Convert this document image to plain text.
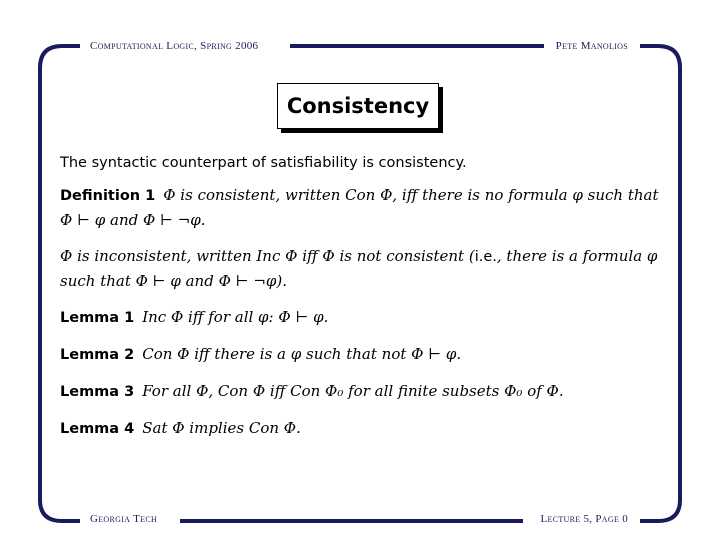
Computational Logic, Spring 2006	Pete Manolios
Georgia Tech	Lecture 5, Page 0
Consistency

The syntactic counterpart of satisfiability is consistency.

Definition 1 Φ is consistent, written Con Φ, iff there is no formula φ such that Φ ⊢ φ and Φ ⊢ ¬φ.

Φ is inconsistent, written Inc Φ iff Φ is not consistent (i.e., there is a formula φ such that Φ ⊢ φ and Φ ⊢ ¬φ).

Lemma 1 Inc Φ iff for all φ: Φ ⊢ φ.

Lemma 2 Con Φ iff there is a φ such that not Φ ⊢ φ.

Lemma 3 For all Φ, Con Φ iff Con Φ₀ for all finite subsets Φ₀ of Φ.

Lemma 4 Sat Φ implies Con Φ.
